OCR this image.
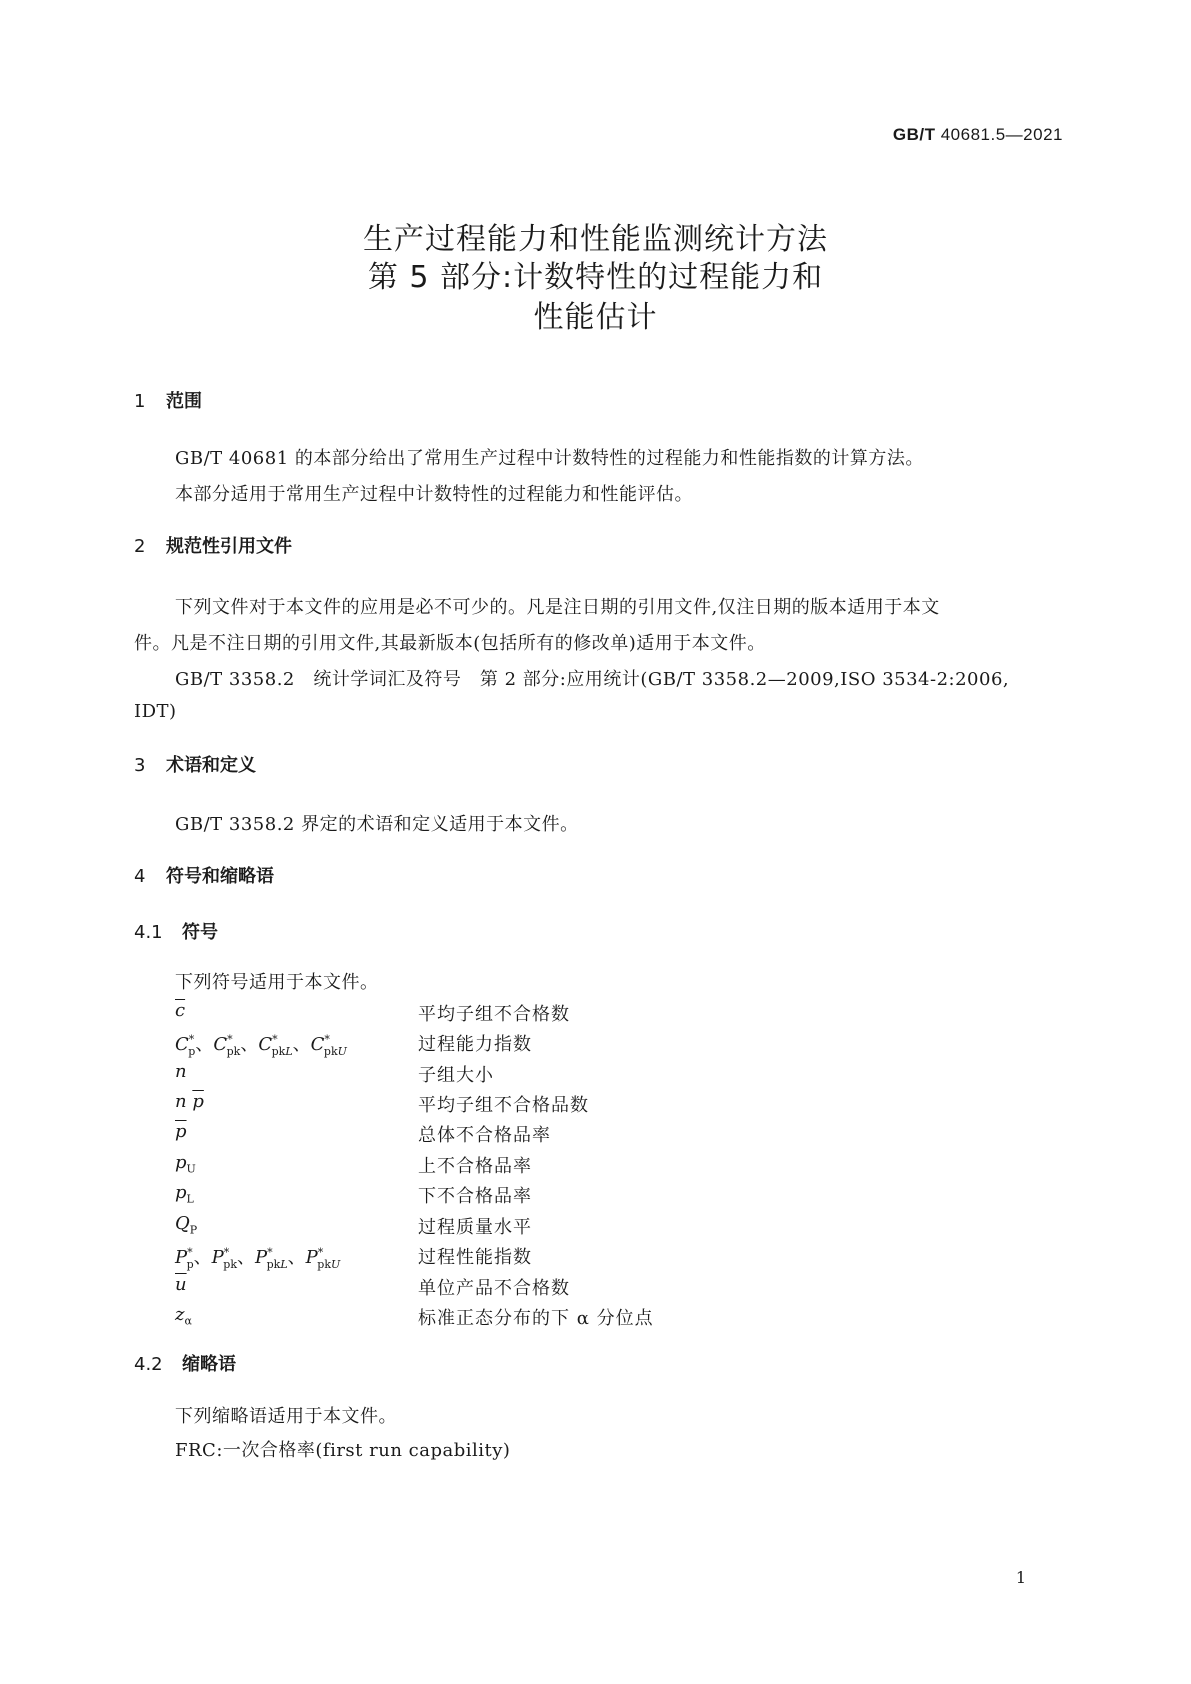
GB/T 40681.5—2021
生产过程能力和性能监测统计方法
第 5 部分:计数特性的过程能力和
性能估计
1 范围
GB/T 40681 的本部分给出了常用生产过程中计数特性的过程能力和性能指数的计算方法。
本部分适用于常用生产过程中计数特性的过程能力和性能评估。
2 规范性引用文件
下列文件对于本文件的应用是必不可少的。凡是注日期的引用文件,仅注日期的版本适用于本文
件。凡是不注日期的引用文件,其最新版本(包括所有的修改单)适用于本文件。
GB/T 3358.2　统计学词汇及符号　第 2 部分:应用统计(GB/T 3358.2—2009,ISO 3534-2:2006,
IDT)
3 术语和定义
GB/T 3358.2 界定的术语和定义适用于本文件。
4 符号和缩略语
4.1 符号
下列符号适用于本文件。
$\overline{c}$	平均子组不合格数
$C^*_p$、$C^*_{pk}$、$C^*_{pkL}$、$C^*_{pkU}$	过程能力指数
n	子组大小
n $\overline{p}$	平均子组不合格品数
$\overline{p}$	总体不合格品率
$p_U$	上不合格品率
$p_L$	下不合格品率
$Q_P$	过程质量水平
$P^*_p$、$P^*_{pk}$、$P^*_{pkL}$、$P^*_{pkU}$	过程性能指数
$\overline{u}$	单位产品不合格数
$z_\alpha$	标准正态分布的下 α 分位点
4.2 缩略语
下列缩略语适用于本文件。
FRC:一次合格率(first run capability)
1
